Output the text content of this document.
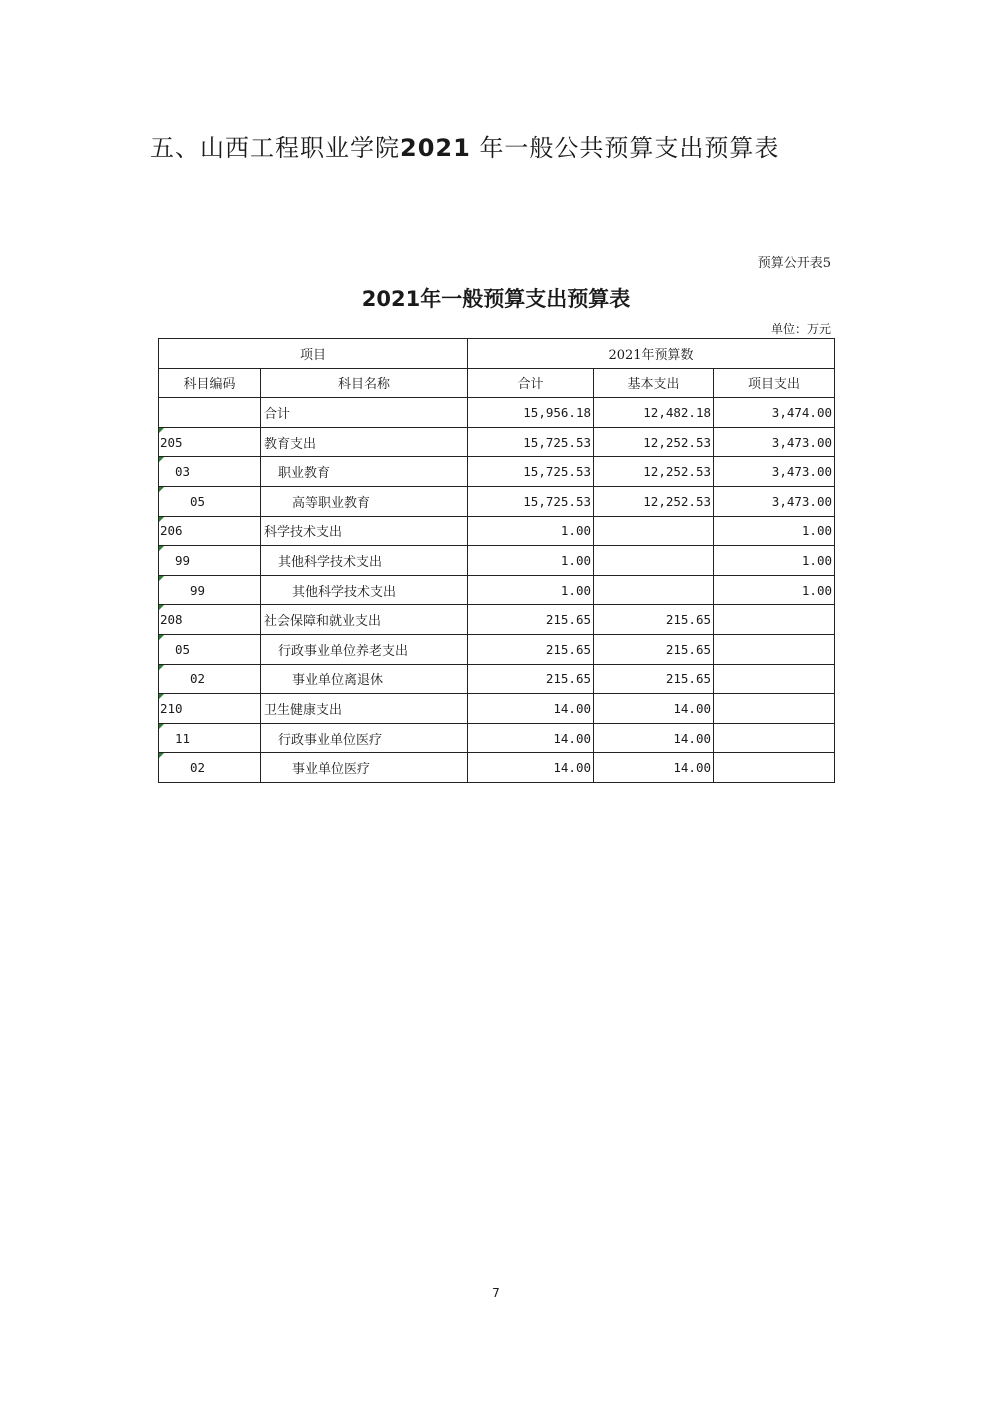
五、山西工程职业学院2021 年一般公共预算支出预算表
预算公开表5
2021年一般预算支出预算表
单位：万元
项目		2021年预算数		
科目编码	科目名称	合计	基本支出	项目支出
	合计	15,956.18	12,482.18	3,474.00

205	教育支出	15,725.53	12,252.53	3,473.00

03	职业教育	15,725.53	12,252.53	3,473.00

05	高等职业教育	15,725.53	12,252.53	3,473.00

206	科学技术支出	1.00		1.00

99	其他科学技术支出	1.00		1.00

99	其他科学技术支出	1.00		1.00

208	社会保障和就业支出	215.65	215.65	

05	行政事业单位养老支出	215.65	215.65	

02	事业单位离退休	215.65	215.65	

210	卫生健康支出	14.00	14.00	

11	行政事业单位医疗	14.00	14.00	

02	事业单位医疗	14.00	14.00	
7
